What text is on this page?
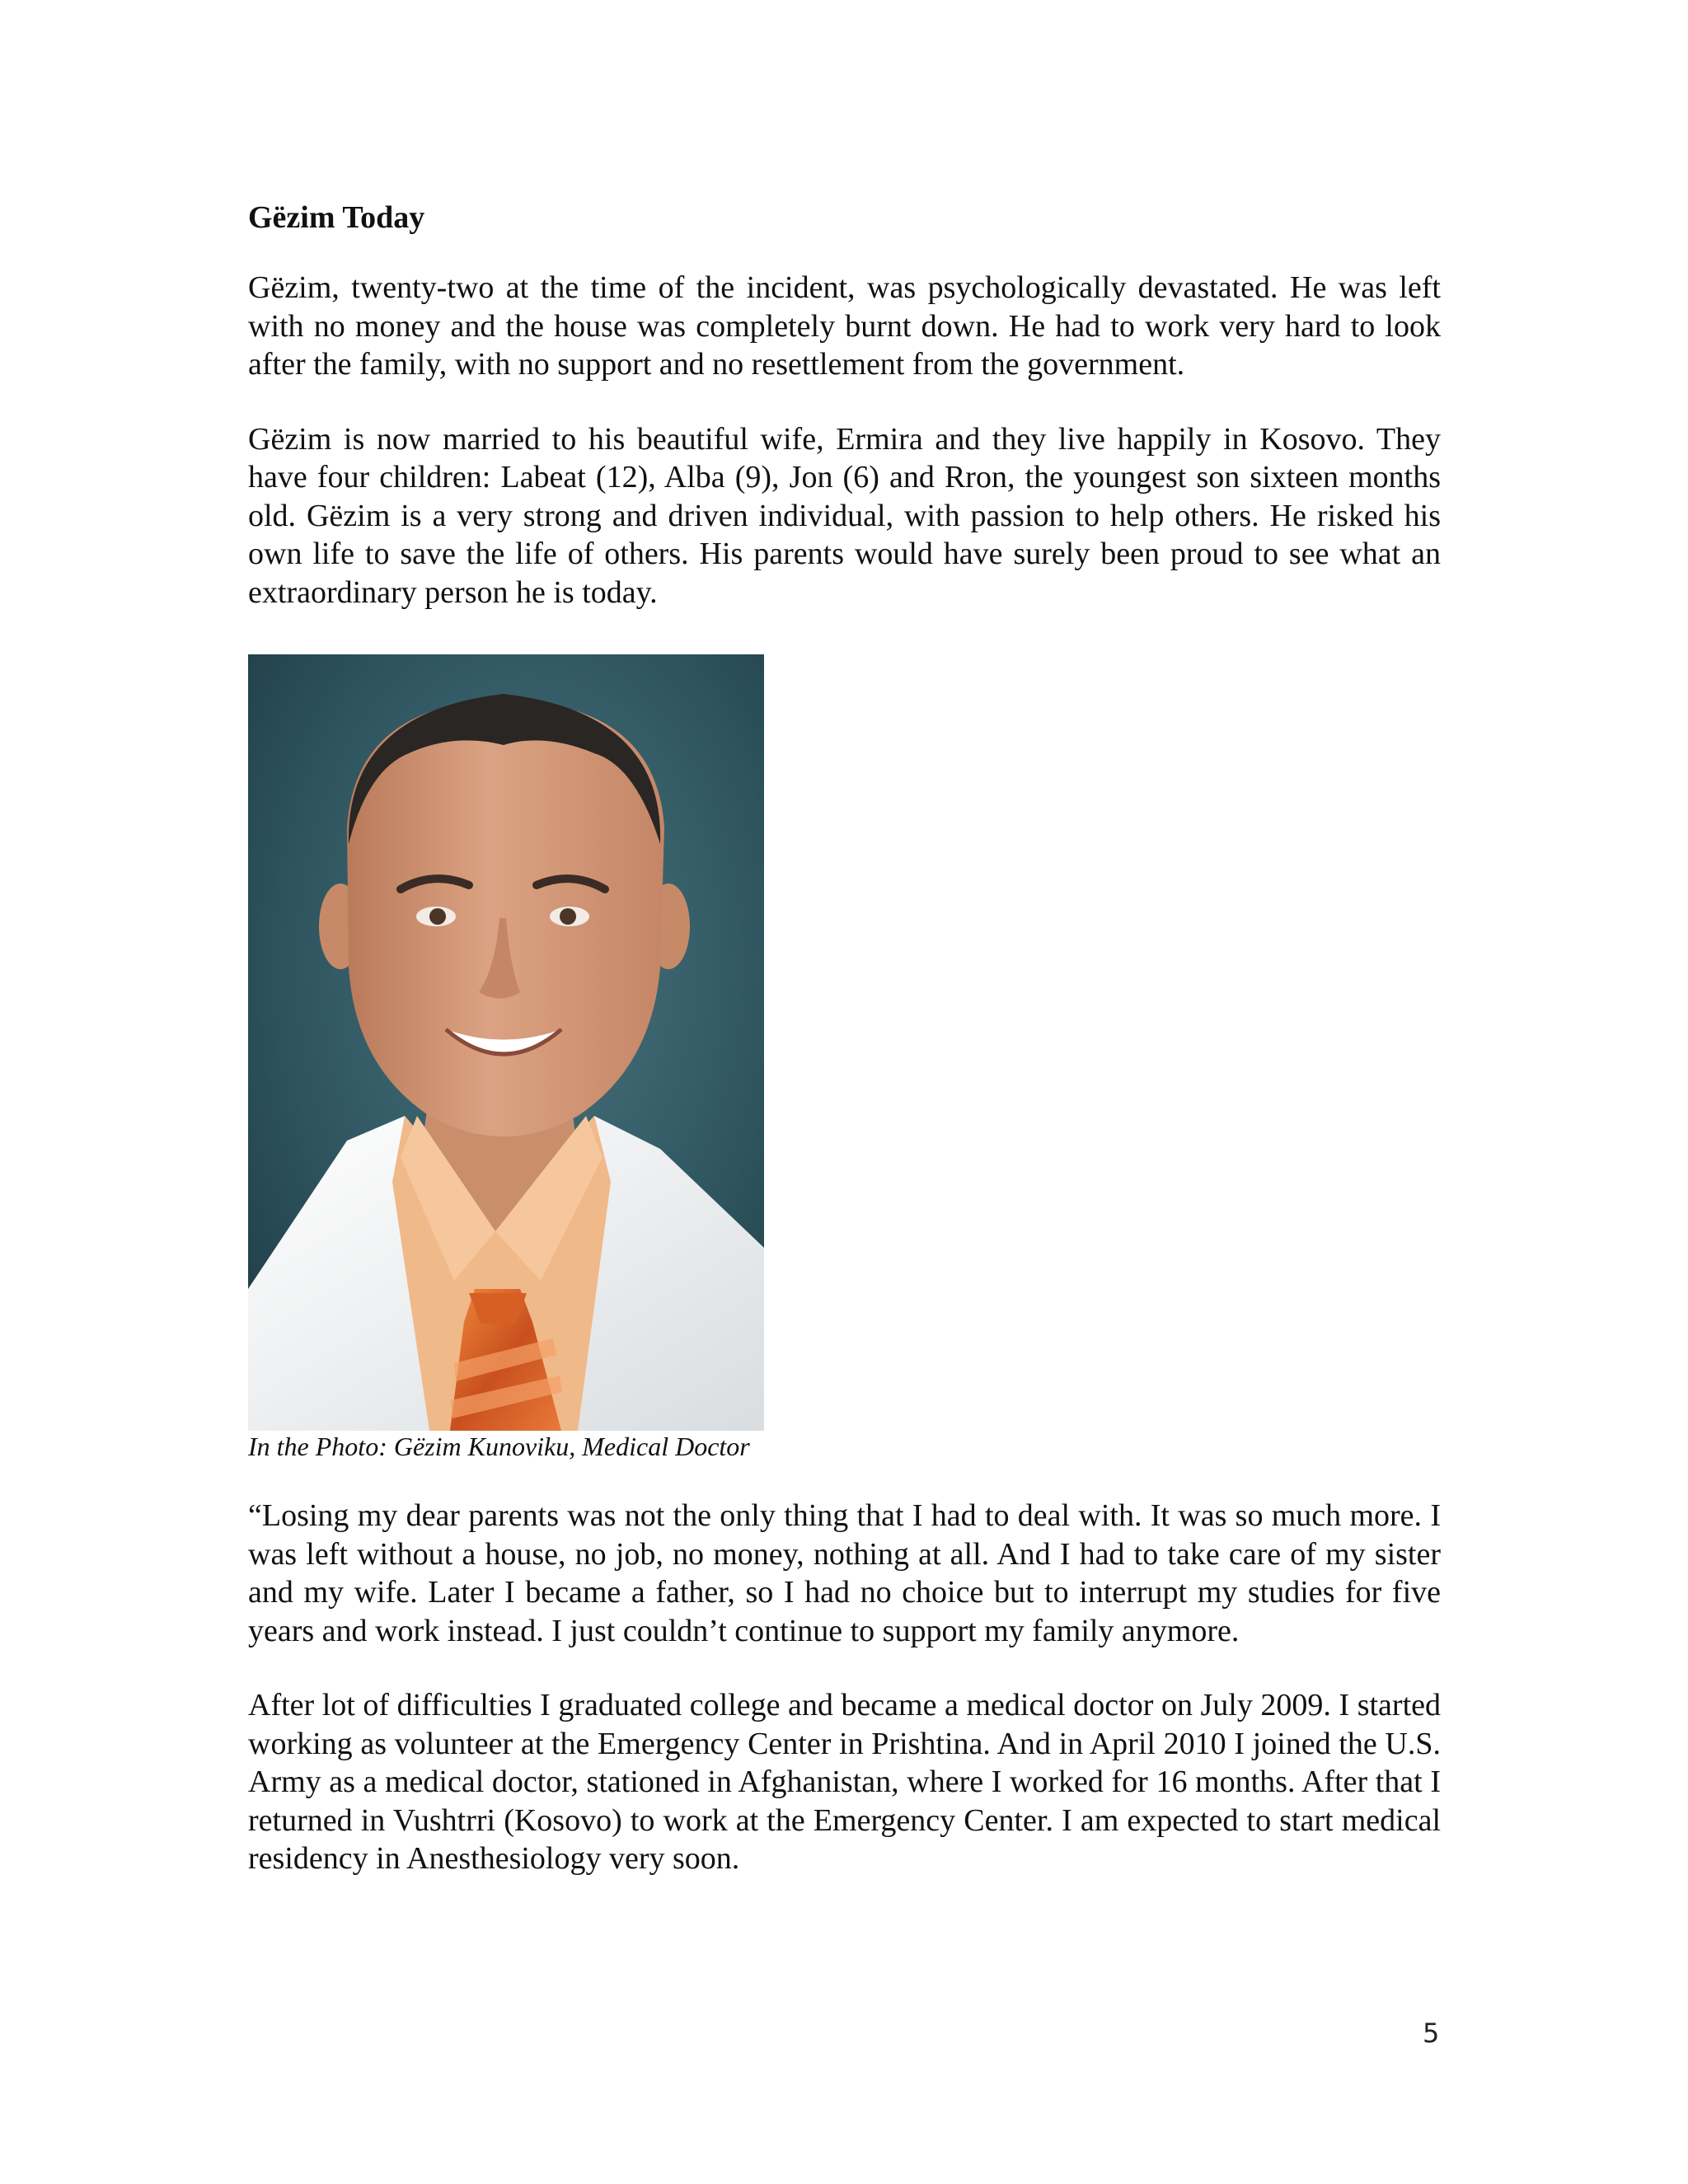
Gëzim Today

Gëzim, twenty-two at the time of the incident, was psychologically devastated. He was left with no money and the house was completely burnt down. He had to work very hard to look after the family, with no support and no resettlement from the government.

Gëzim is now married to his beautiful wife, Ermira and they live happily in Kosovo. They have four children: Labeat (12), Alba (9), Jon (6) and Rron, the youngest son sixteen months old. Gëzim is a very strong and driven individual, with passion to help others. He risked his own life to save the life of others. His parents would have surely been proud to see what an extraordinary person he is today.

In the Photo: Gëzim Kunoviku, Medical Doctor

“Losing my dear parents was not the only thing that I had to deal with. It was so much more. I was left without a house, no job, no money, nothing at all. And I had to take care of my sister and my wife. Later I became a father, so I had no choice but to interrupt my studies for five years and work instead. I just couldn’t continue to support my family anymore.

After lot of difficulties I graduated college and became a medical doctor on July 2009. I started working as volunteer at the Emergency Center in Prishtina. And in April 2010 I joined the U.S. Army as a medical doctor, stationed in Afghanistan, where I worked for 16 months. After that I returned in Vushtrri (Kosovo) to work at the Emergency Center. I am expected to start medical residency in Anesthesiology very soon.

5
